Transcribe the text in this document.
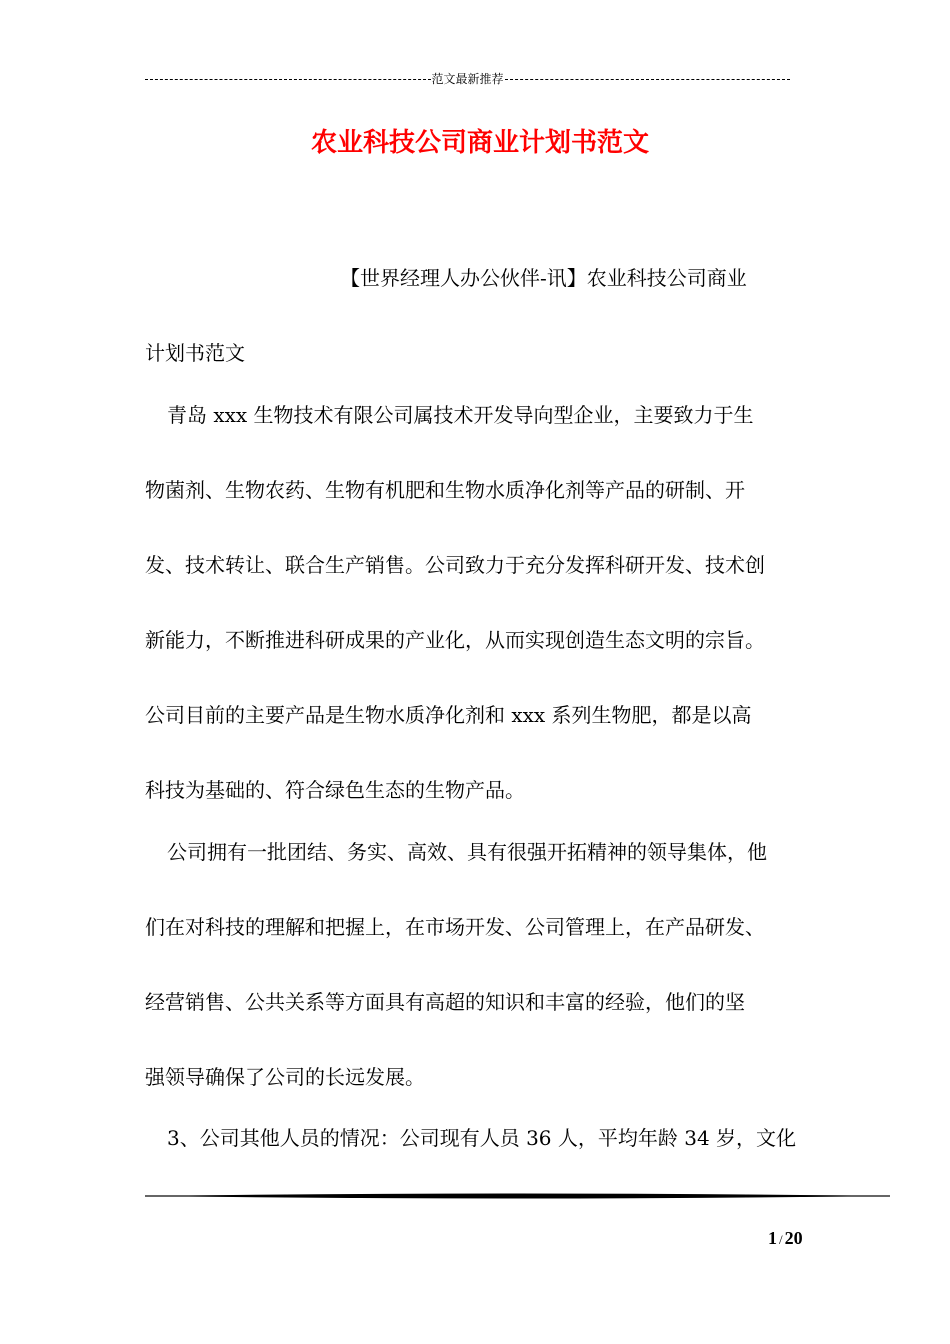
范文最新推荐
农业科技公司商业计划书范文
【世界经理人办公伙伴-讯】农业科技公司商业
计划书范文
青岛 xxx 生物技术有限公司属技术开发导向型企业，主要致力于生
物菌剂、生物农药、生物有机肥和生物水质净化剂等产品的研制、开
发、技术转让、联合生产销售。公司致力于充分发挥科研开发、技术创
新能力，不断推进科研成果的产业化，从而实现创造生态文明的宗旨。
公司目前的主要产品是生物水质净化剂和 xxx 系列生物肥，都是以高
科技为基础的、符合绿色生态的生物产品。
公司拥有一批团结、务实、高效、具有很强开拓精神的领导集体，他
们在对科技的理解和把握上，在市场开发、公司管理上，在产品研发、
经营销售、公共关系等方面具有高超的知识和丰富的经验，他们的坚
强领导确保了公司的长远发展。
3、公司其他人员的情况：公司现有人员 36 人，平均年龄 34 岁，文化
1 / 20
